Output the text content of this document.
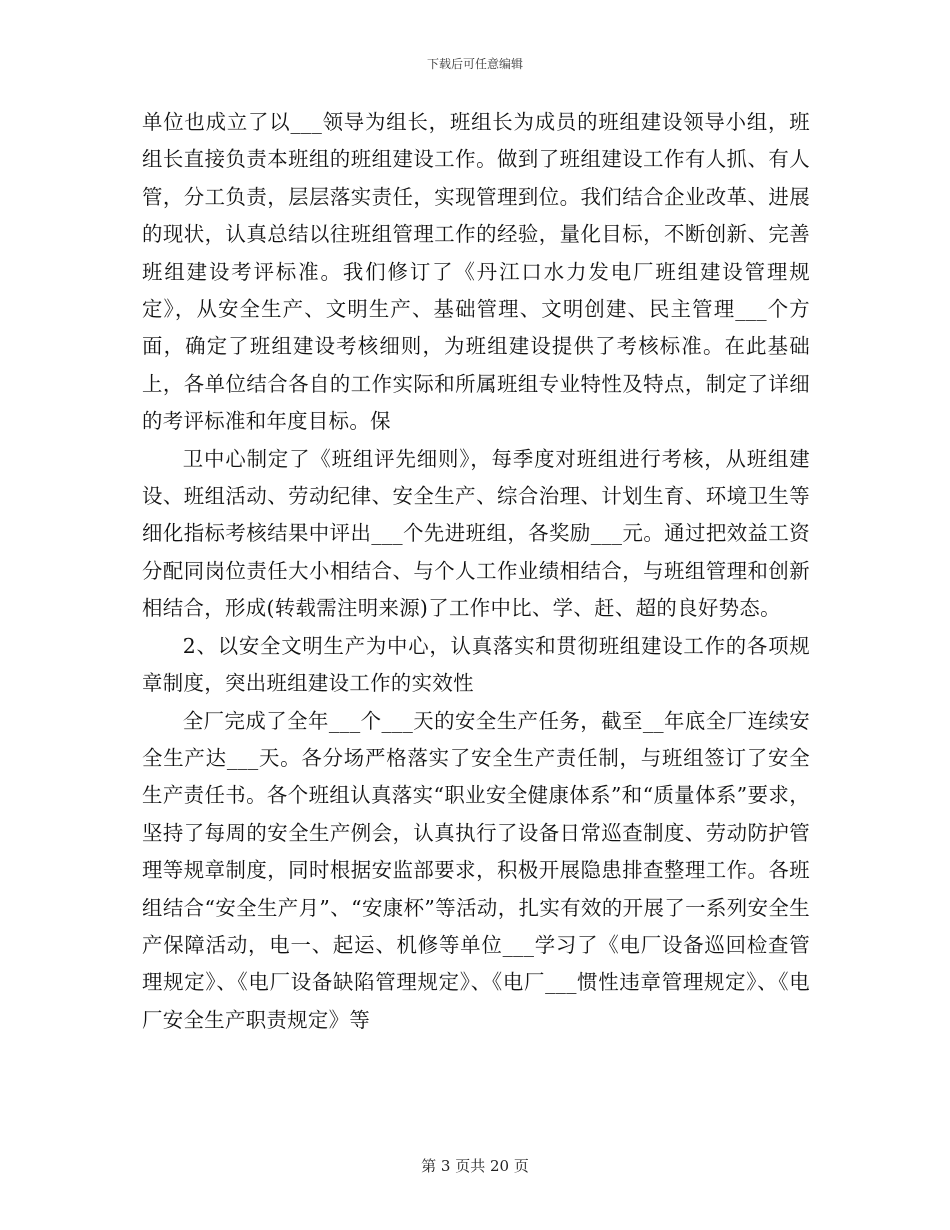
下载后可任意编辑

单位也成立了以___领导为组长，班组长为成员的班组建设领导小组，班组长直接负责本班组的班组建设工作。做到了班组建设工作有人抓、有人管，分工负责，层层落实责任，实现管理到位。我们结合企业改革、进展的现状，认真总结以往班组管理工作的经验，量化目标，不断创新、完善班组建设考评标准。我们修订了《丹江口水力发电厂班组建设管理规定》，从安全生产、文明生产、基础管理、文明创建、民主管理___个方面，确定了班组建设考核细则，为班组建设提供了考核标准。在此基础上，各单位结合各自的工作实际和所属班组专业特性及特点，制定了详细的考评标准和年度目标。保

卫中心制定了《班组评先细则》，每季度对班组进行考核，从班组建设、班组活动、劳动纪律、安全生产、综合治理、计划生育、环境卫生等细化指标考核结果中评出___个先进班组，各奖励___元。通过把效益工资分配同岗位责任大小相结合、与个人工作业绩相结合，与班组管理和创新相结合，形成(转载需注明来源)了工作中比、学、赶、超的良好势态。

2、以安全文明生产为中心，认真落实和贯彻班组建设工作的各项规章制度，突出班组建设工作的实效性

全厂完成了全年___个___天的安全生产任务，截至__年底全厂连续安全生产达___天。各分场严格落实了安全生产责任制，与班组签订了安全生产责任书。各个班组认真落实“职业安全健康体系”和“质量体系”要求，坚持了每周的安全生产例会，认真执行了设备日常巡查制度、劳动防护管理等规章制度，同时根据安监部要求，积极开展隐患排查整理工作。各班组结合“安全生产月”、“安康杯”等活动，扎实有效的开展了一系列安全生产保障活动，电一、起运、机修等单位___学习了《电厂设备巡回检查管理规定》、《电厂设备缺陷管理规定》、《电厂___惯性违章管理规定》、《电厂安全生产职责规定》等

第 3 页共 20 页
